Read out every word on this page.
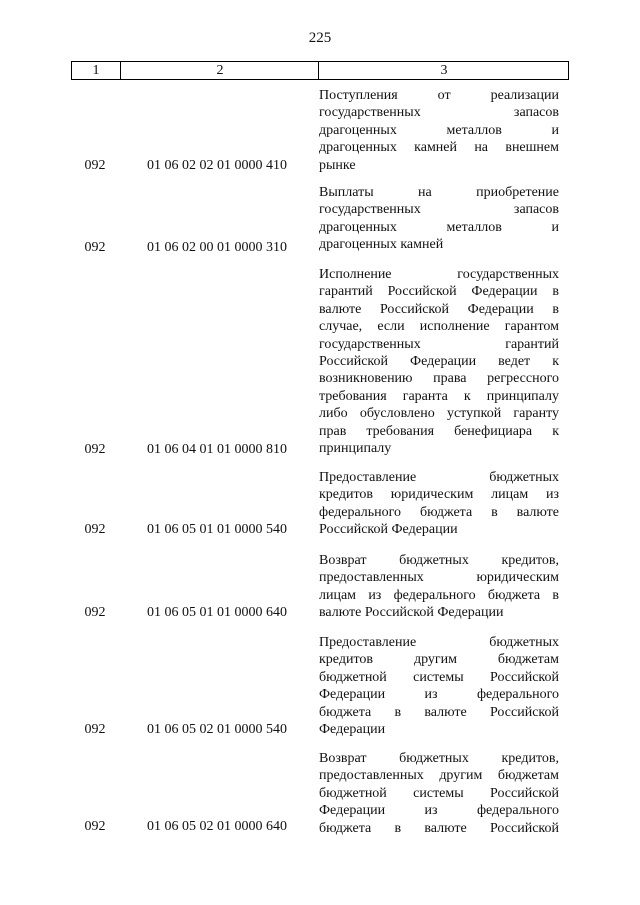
225
1	2	3
092	01 06 02 02 01 0000 410
Поступления от реализации
государственных запасов
драгоценных металлов и
драгоценных камней на внешнем
рынке
092	01 06 02 00 01 0000 310
Выплаты на приобретение
государственных запасов
драгоценных металлов и
драгоценных камней
092	01 06 04 01 01 0000 810
Исполнение государственных
гарантий Российской Федерации в
валюте Российской Федерации в
случае, если исполнение гарантом
государственных гарантий
Российской Федерации ведет к
возникновению права регрессного
требования гаранта к принципалу
либо обусловлено уступкой гаранту
прав требования бенефициара к
принципалу
092	01 06 05 01 01 0000 540
Предоставление бюджетных
кредитов юридическим лицам из
федерального бюджета в валюте
Российской Федерации
092	01 06 05 01 01 0000 640
Возврат бюджетных кредитов,
предоставленных юридическим
лицам из федерального бюджета в
валюте Российской Федерации
092	01 06 05 02 01 0000 540
Предоставление бюджетных
кредитов другим бюджетам
бюджетной системы Российской
Федерации из федерального
бюджета в валюте Российской
Федерации
092	01 06 05 02 01 0000 640
Возврат бюджетных кредитов,
предоставленных другим бюджетам
бюджетной системы Российской
Федерации из федерального
бюджета в валюте Российской
